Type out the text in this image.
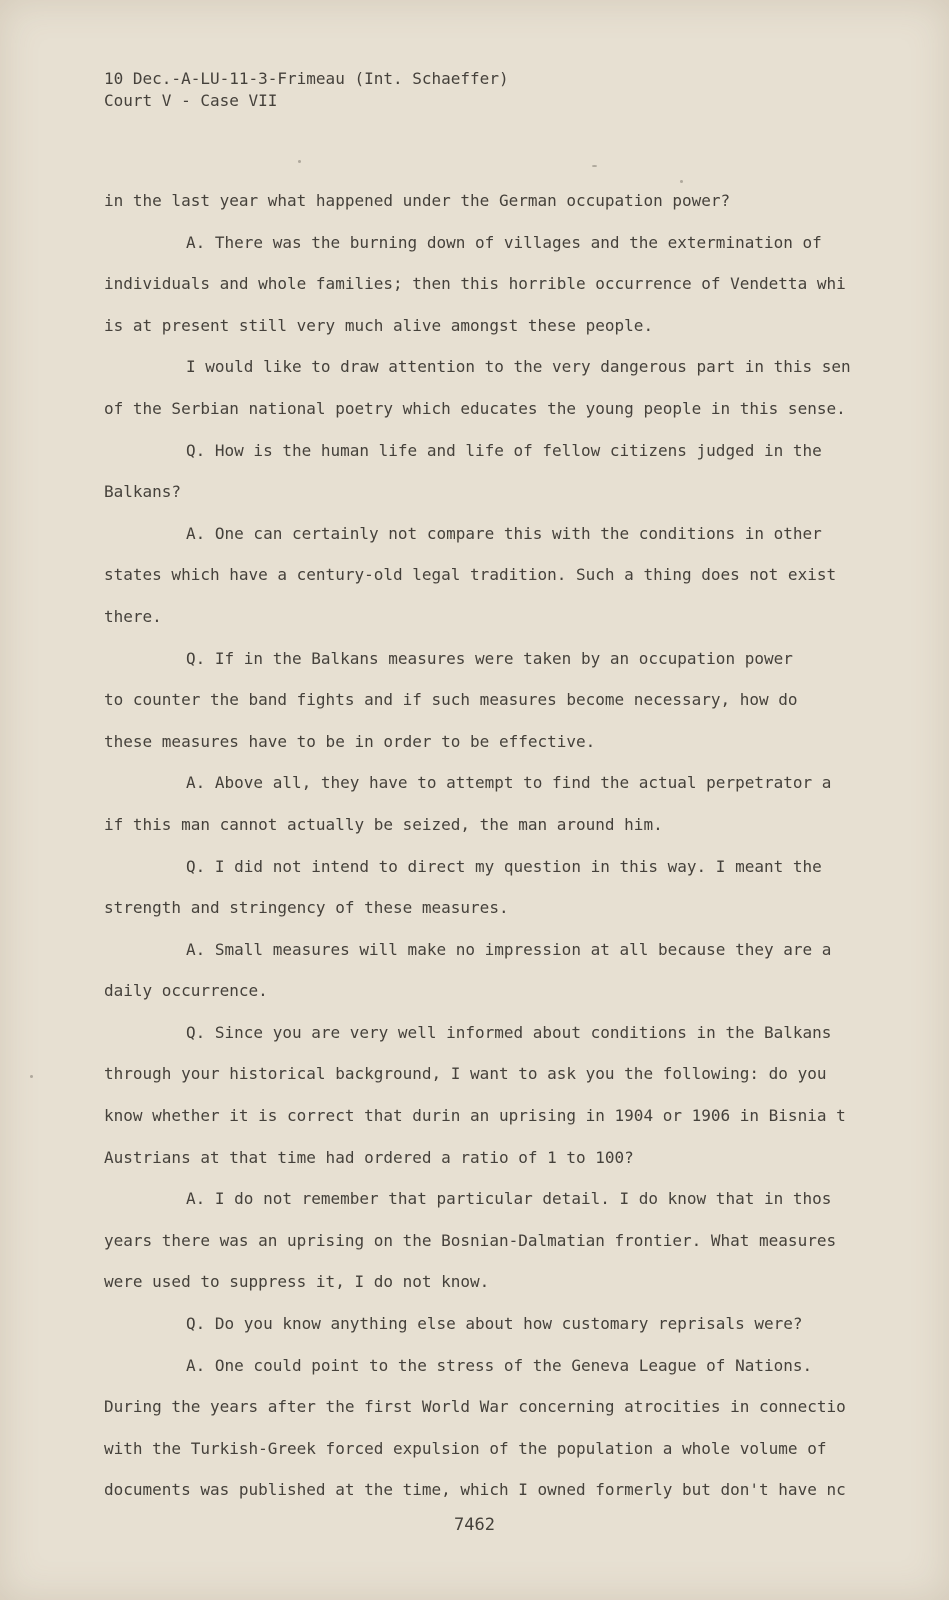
10 Dec.-A-LU-11-3-Frimeau (Int. Schaeffer)
Court V - Case VII
in the last year what happened under the German occupation power?
A. There was the burning down of villages and the extermination of
individuals and whole families; then this horrible occurrence of Vendetta whi
is at present still very much alive amongst these people.
I would like to draw attention to the very dangerous part in this sen
of the Serbian national poetry which educates the young people in this sense.
Q. How is the human life and life of fellow citizens judged in the
Balkans?
A. One can certainly not compare this with the conditions in other
states which have a century-old legal tradition. Such a thing does not exist
there.
Q. If in the Balkans measures were taken by an occupation power
to counter the band fights and if such measures become necessary, how do
these measures have to be in order to be effective.
A. Above all, they have to attempt to find the actual perpetrator a
if this man cannot actually be seized, the man around him.
Q. I did not intend to direct my question in this way. I meant the
strength and stringency of these measures.
A. Small measures will make no impression at all because they are a
daily occurrence.
Q. Since you are very well informed about conditions in the Balkans
through your historical background, I want to ask you the following: do you
know whether it is correct that durin an uprising in 1904 or 1906 in Bisnia t
Austrians at that time had ordered a ratio of 1 to 100?
A. I do not remember that particular detail. I do know that in thos
years there was an uprising on the Bosnian-Dalmatian frontier. What measures
were used to suppress it, I do not know.
Q. Do you know anything else about how customary reprisals were?
A. One could point to the stress of the Geneva League of Nations.
During the years after the first World War concerning atrocities in connectio
with the Turkish-Greek forced expulsion of the population a whole volume of
documents was published at the time, which I owned formerly but don't have nc
7462
